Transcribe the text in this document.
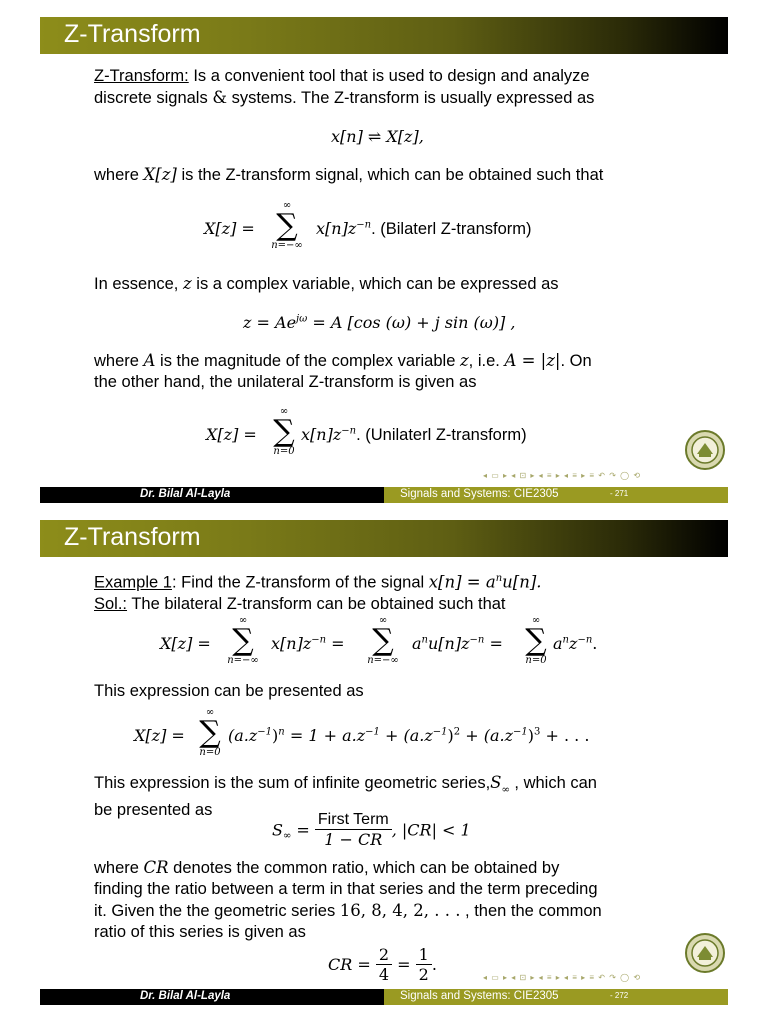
Z-Transform
Z-Transform: Is a convenient tool that is used to design and analyze
discrete signals & systems. The Z-transform is usually expressed as
x[n] ⇌ X[z],
where X[z] is the Z-transform signal, which can be obtained such that
X[z] =
∞
∑
n=−∞
$x[n]z^{-n}$. (Bilaterl Z-transform)
In essence, z is a complex variable, which can be expressed as
$z = Ae^{j\omega} = A$ [cos (ω) + j sin (ω)] ,
where A is the magnitude of the complex variable z, i.e. A = |z|. On
the other hand, the unilateral Z-transform is given as
X[z] =
∞
∑
n=0
$x[n]z^{-n}$. (Unilaterl Z-transform)
◂ ▭ ▸ ◂ ⊡ ▸ ◂ ≡ ▸ ◂ ≡ ▸ ≡ ↶ ↷ ◯ ⟲
Dr. Bilal Al-Layla	Signals and Systems: CIE2305	- 271
Z-Transform
Example 1: Find the Z-transform of the signal $x[n] = a^nu[n]$.
Sol.: The bilateral Z-transform can be obtained such that
X[z] =
∞
∑
n=−∞
$x[n]z^{-n}$ =
∞
∑
n=−∞
$a^nu[n]z^{-n}$ =
∞
∑
n=0
$a^nz^{-n}$.
This expression can be presented as
X[z] =
∞
∑
n=0
$(a.z^{-1})^n = 1 + a.z^{-1} + (a.z^{-1})^2 + (a.z^{-1})^3$ + . . .
This expression is the sum of infinite geometric $series,S_\infty$ , which can
be presented as
$S_\infty = \frac{\text{First Term}}{1 - CR}$ , |CR| < 1
where CR denotes the common ratio, which can be obtained by
finding the ratio between a term in that series and the term preceding
it. Given the the geometric series 16, 8, 4, 2, . . . , then the common
ratio of this series is given as
CR = $\frac{2}{4} = \frac{1}{2}$ .
◂ ▭ ▸ ◂ ⊡ ▸ ◂ ≡ ▸ ◂ ≡ ▸ ≡ ↶ ↷ ◯ ⟲
Dr. Bilal Al-Layla	Signals and Systems: CIE2305	- 272
